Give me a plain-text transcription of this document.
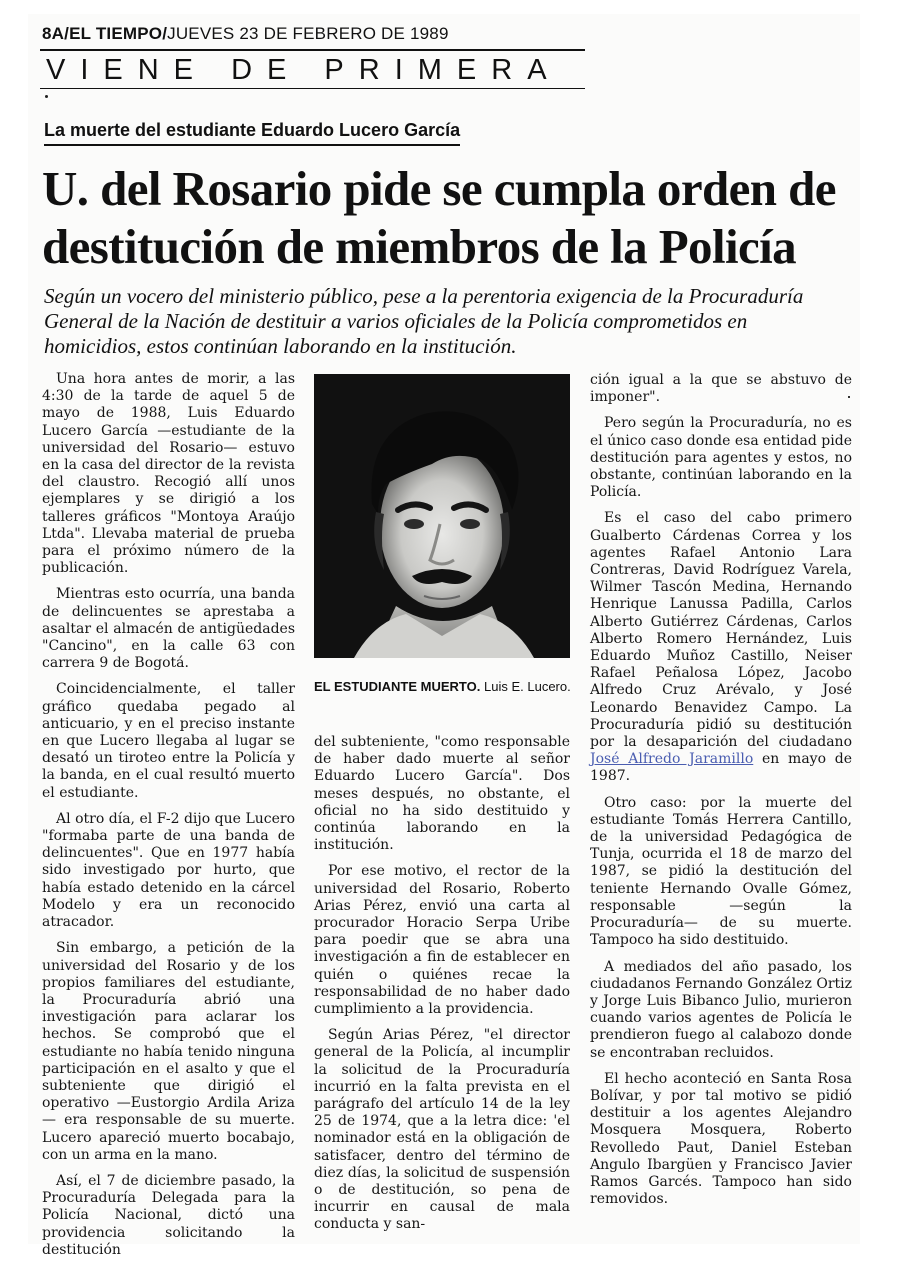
8A/EL TIEMPO/JUEVES 23 DE FEBRERO DE 1989
VIENE DE PRIMERA
La muerte del estudiante Eduardo Lucero García
U. del Rosario pide se cumpla orden de destitución de miembros de la Policía
Según un vocero del ministerio público, pese a la perentoria exigencia de la Procuraduría General de la Nación de destituir a varios oficiales de la Policía comprometidos en homicidios, estos continúan laborando en la institución.

Una hora antes de morir, a las 4:30 de la tarde de aquel 5 de mayo de 1988, Luis Eduardo Lucero García —estudiante de la universidad del Rosario— estuvo en la casa del director de la revista del claustro. Recogió allí unos ejemplares y se dirigió a los talleres gráficos "Montoya Araújo Ltda". Llevaba material de prueba para el próximo número de la publicación.

Mientras esto ocurría, una banda de delincuentes se aprestaba a asaltar el almacén de antigüedades "Cancino", en la calle 63 con carrera 9 de Bogotá.

Coincidencialmente, el taller gráfico quedaba pegado al anticuario, y en el preciso instante en que Lucero llegaba al lugar se desató un tiroteo entre la Policía y la banda, en el cual resultó muerto el estudiante.

Al otro día, el F-2 dijo que Lucero "formaba parte de una banda de delincuentes". Que en 1977 había sido investigado por hurto, que había estado detenido en la cárcel Modelo y era un reconocido atracador.

Sin embargo, a petición de la universidad del Rosario y de los propios familiares del estudiante, la Procuraduría abrió una investigación para aclarar los hechos. Se comprobó que el estudiante no había tenido ninguna participación en el asalto y que el subteniente que dirigió el operativo —Eustorgio Ardila Ariza— era responsable de su muerte. Lucero apareció muerto bocabajo, con un arma en la mano.

Así, el 7 de diciembre pasado, la Procuraduría Delegada para la Policía Nacional, dictó una providencia solicitando la destitución

EL ESTUDIANTE MUERTO. Luis E. Lucero.

del subteniente, "como responsable de haber dado muerte al señor Eduardo Lucero García". Dos meses después, no obstante, el oficial no ha sido destituido y continúa laborando en la institución.

Por ese motivo, el rector de la universidad del Rosario, Roberto Arias Pérez, envió una carta al procurador Horacio Serpa Uribe para poedir que se abra una investigación a fin de establecer en quién o quiénes recae la responsabilidad de no haber dado cumplimiento a la providencia.

Según Arias Pérez, "el director general de la Policía, al incumplir la solicitud de la Procuraduría incurrió en la falta prevista en el parágrafo del artículo 14 de la ley 25 de 1974, que a la letra dice: 'el nominador está en la obligación de satisfacer, dentro del término de diez días, la solicitud de suspensión o de destitución, so pena de incurrir en causal de mala conducta y san-

ción igual a la que se abstuvo de imponer".

Pero según la Procuraduría, no es el único caso donde esa entidad pide destitución para agentes y estos, no obstante, continúan laborando en la Policía.

Es el caso del cabo primero Gualberto Cárdenas Correa y los agentes Rafael Antonio Lara Contreras, David Rodríguez Varela, Wilmer Tascón Medina, Hernando Henrique Lanussa Padilla, Carlos Alberto Gutiérrez Cárdenas, Carlos Alberto Romero Hernández, Luis Eduardo Muñoz Castillo, Neiser Rafael Peñalosa López, Jacobo Alfredo Cruz Arévalo, y José Leonardo Benavidez Campo. La Procuraduría pidió su destitución por la desaparición del ciudadano José Alfredo Jaramillo en mayo de 1987.

Otro caso: por la muerte del estudiante Tomás Herrera Cantillo, de la universidad Pedagógica de Tunja, ocurrida el 18 de marzo del 1987, se pidió la destitución del teniente Hernando Ovalle Gómez, responsable —según la Procuraduría— de su muerte. Tampoco ha sido destituido.

A mediados del año pasado, los ciudadanos Fernando González Ortiz y Jorge Luis Bibanco Julio, murieron cuando varios agentes de Policía le prendieron fuego al calabozo donde se encontraban recluidos.

El hecho aconteció en Santa Rosa Bolívar, y por tal motivo se pidió destituir a los agentes Alejandro Mosquera Mosquera, Roberto Revolledo Paut, Daniel Esteban Angulo Ibargüen y Francisco Javier Ramos Garcés. Tampoco han sido removidos.
